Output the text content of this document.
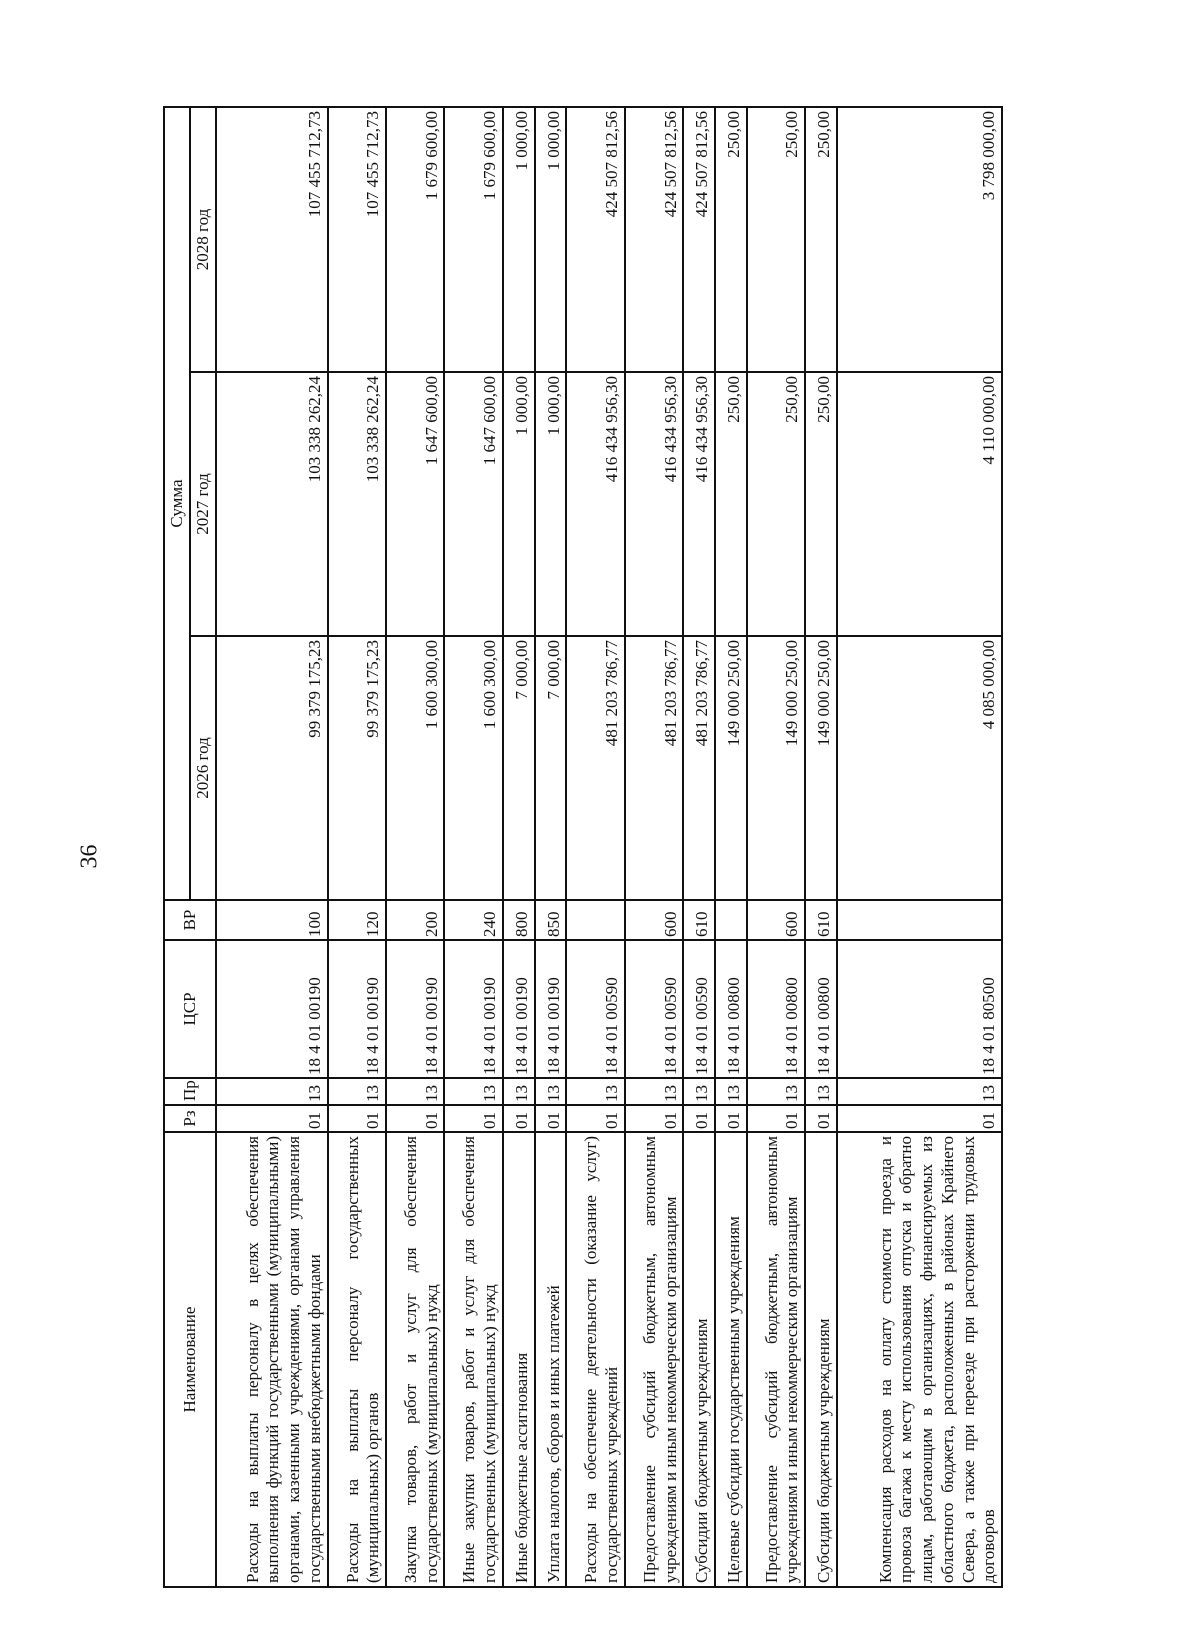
36
Наименование	Рз	Пр	ЦСР	ВР	Сумма		
					2026 год	2027 год	2028 год
Расходы на выплаты персоналу в целях обеспечения выполнения функций государственными (муниципальными) органами, казенными учреждениями, органами управления государственными внебюджетными фондами	01	13	18 4 01 00190	100	99 379 175,23	103 338 262,24	107 455 712,73
Расходы на выплаты персоналу государственных (муниципальных) органов	01	13	18 4 01 00190	120	99 379 175,23	103 338 262,24	107 455 712,73
Закупка товаров, работ и услуг для обеспечения государственных (муниципальных) нужд	01	13	18 4 01 00190	200	1 600 300,00	1 647 600,00	1 679 600,00
Иные закупки товаров, работ и услуг для обеспечения государственных (муниципальных) нужд	01	13	18 4 01 00190	240	1 600 300,00	1 647 600,00	1 679 600,00
Иные бюджетные ассигнования	01	13	18 4 01 00190	800	7 000,00	1 000,00	1 000,00
Уплата налогов, сборов и иных платежей	01	13	18 4 01 00190	850	7 000,00	1 000,00	1 000,00
Расходы на обеспечение деятельности (оказание услуг) государственных учреждений	01	13	18 4 01 00590		481 203 786,77	416 434 956,30	424 507 812,56
Предоставление субсидий бюджетным, автономным учреждениям и иным некоммерческим организациям	01	13	18 4 01 00590	600	481 203 786,77	416 434 956,30	424 507 812,56
Субсидии бюджетным учреждениям	01	13	18 4 01 00590	610	481 203 786,77	416 434 956,30	424 507 812,56
Целевые субсидии государственным учреждениям	01	13	18 4 01 00800		149 000 250,00	250,00	250,00
Предоставление субсидий бюджетным, автономным учреждениям и иным некоммерческим организациям	01	13	18 4 01 00800	600	149 000 250,00	250,00	250,00
Субсидии бюджетным учреждениям	01	13	18 4 01 00800	610	149 000 250,00	250,00	250,00
Компенсация расходов на оплату стоимости проезда и провоза багажа к месту использования отпуска и обратно лицам, работающим в организациях, финансируемых из областного бюджета, расположенных в районах Крайнего Севера, а также при переезде при расторжении трудовых договоров	01	13	18 4 01 80500		4 085 000,00	4 110 000,00	3 798 000,00
